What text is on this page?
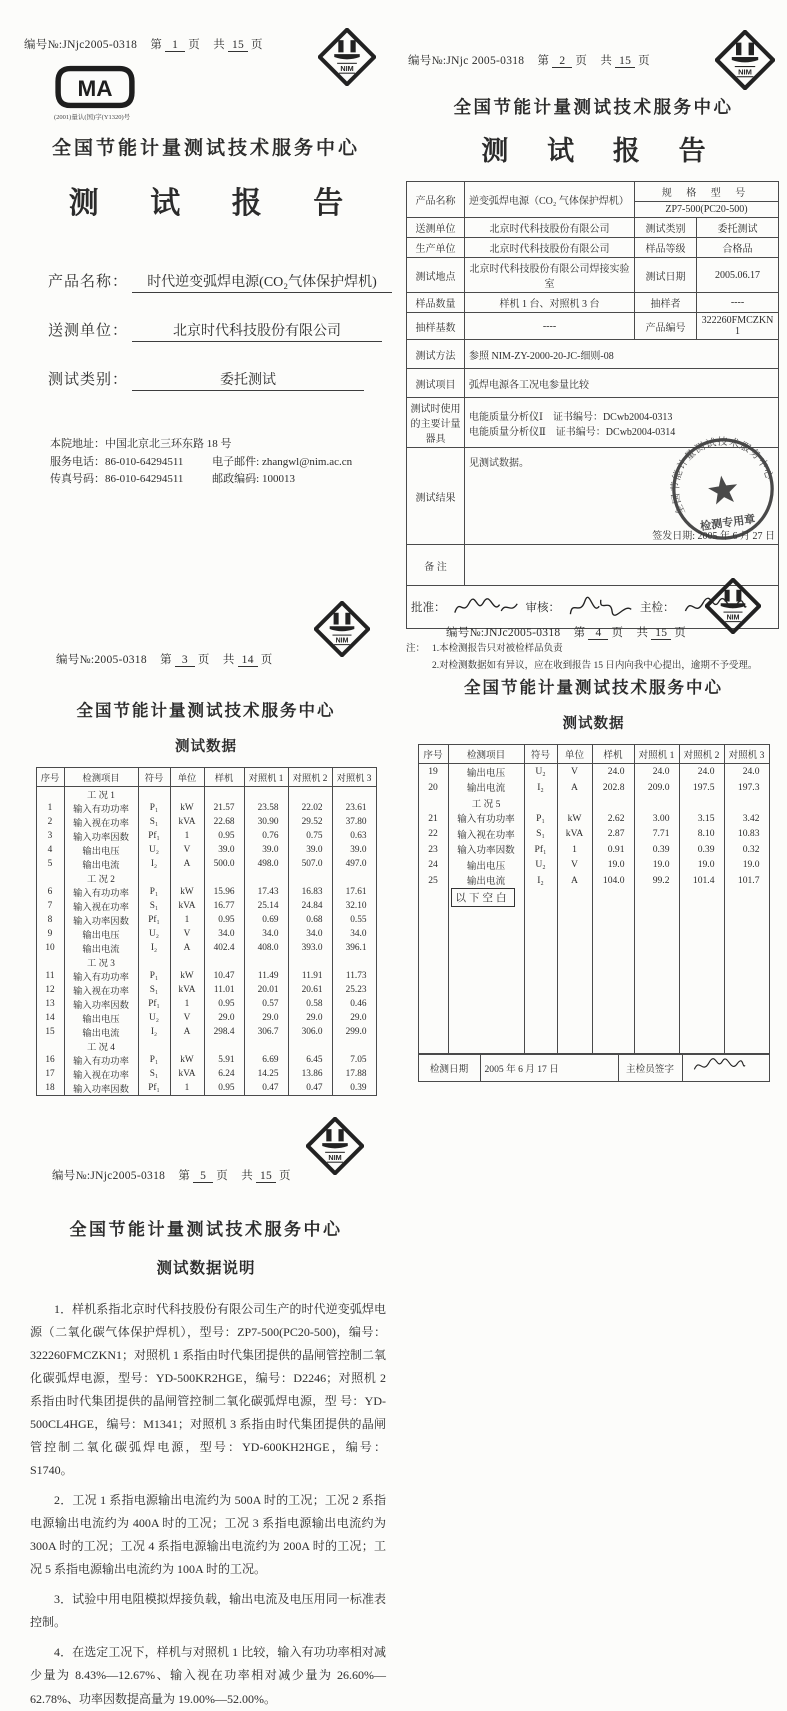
编号№:JNjc2005-0318 第 1 页 共 15 页
MA
(2001)量认(国)字(Y1320)号
全国节能计量测试技术服务中心
测 试 报 告
产品名称： 时代逆变弧焊电源(CO₂气体保护焊机)
送测单位：	北京时代科技股份有限公司
测试类别：	委托测试
本院地址：中国北京北三环东路 18 号
服务电话：86-010-64294511	电子邮件: zhangwl@nim.ac.cn
传真号码：86-010-64294511	邮政编码: 100013
编号№:JNjc 2005-0318 第 2 页 共 15 页
全国节能计量测试技术服务中心
测 试 报 告
产品名称	逆变弧焊电源（CO₂ 气体保护焊机）	规 格 型 号
ZP7-500(PC20-500)	

送测单位	北京时代科技股份有限公司	测试类别	委托测试
生产单位	北京时代科技股份有限公司	样品等级	合格品
测试地点	北京时代科技股份有限公司焊接实验室	测试日期	2005.06.17
样品数量	样机 1 台、对照机 3 台	抽样者	----
抽样基数	----	产品编号	322260FMCZKN1
测试方法	参照 NIM-ZY-2000-20-JC-细则-08		
测试项目	弧焊电源各工况电参量比较		
测试时使用的主要计量器具	电能质量分析仪Ⅰ　证书编号：DCwb2004-0313
电能质量分析仪Ⅱ　证书编号：DCwb2004-0314		

测试结果	见测试数据。
签发日期: 2005 年 6 月 27 日
全国节能计量测试技术服务中心
检测专用章		

备 注			

批准： 审核： 主检：			
注： 1.本检测报告只对被检样品负责
2.对检测数据如有异议，应在收到报告 15 日内向我中心提出，逾期不予受理。
编号№:2005-0318 第 3 页 共 14 页
全国节能计量测试技术服务中心
测试数据
序号	检测项目	符号	单位	样机	对照机 1	对照机 2	对照机 3
	工 况 1						
1	输入有功功率	P₁	kW	21.57	23.58	22.02	23.61
2	输入视在功率	S₁	kVA	22.68	30.90	29.52	37.80
3	输入功率因数	Pf₁	1	0.95	0.76	0.75	0.63
4	输出电压	U₂	V	39.0	39.0	39.0	39.0
5	输出电流	I₂	A	500.0	498.0	507.0	497.0
	工 况 2						
6	输入有功功率	P₁	kW	15.96	17.43	16.83	17.61
7	输入视在功率	S₁	kVA	16.77	25.14	24.84	32.10
8	输入功率因数	Pf₁	1	0.95	0.69	0.68	0.55
9	输出电压	U₂	V	34.0	34.0	34.0	34.0
10	输出电流	I₂	A	402.4	408.0	393.0	396.1
	工 况 3						
11	输入有功功率	P₁	kW	10.47	11.49	11.91	11.73
12	输入视在功率	S₁	kVA	11.01	20.01	20.61	25.23
13	输入功率因数	Pf₁	1	0.95	0.57	0.58	0.46
14	输出电压	U₂	V	29.0	29.0	29.0	29.0
15	输出电流	I₂	A	298.4	306.7	306.0	299.0
	工 况 4						
16	输入有功功率	P₁	kW	5.91	6.69	6.45	7.05
17	输入视在功率	S₁	kVA	6.24	14.25	13.86	17.88
18	输入功率因数	Pf₁	1	0.95	0.47	0.47	0.39
编号№:JNJc2005-0318 第 4 页 共 15 页
全国节能计量测试技术服务中心
测试数据
序号	检测项目	符号	单位	样机	对照机 1	对照机 2	对照机 3
19	输出电压	U₂	V	24.0	24.0	24.0	24.0
20	输出电流	I₂	A	202.8	209.0	197.5	197.3
	工 况 5						
21	输入有功功率	P₁	kW	2.62	3.00	3.15	3.42
22	输入视在功率	S₁	kVA	2.87	7.71	8.10	10.83
23	输入功率因数	Pf₁	1	0.91	0.39	0.39	0.32
24	输出电压	U₂	V	19.0	19.0	19.0	19.0
25	输出电流	I₂	A	104.0	99.2	101.4	101.7
	以下空白						

检测日期	2005 年 6 月 17 日	主检员签字	
编号№:JNjc2005-0318 第 5 页 共 15 页
全国节能计量测试技术服务中心
测试数据说明

1．样机系指北京时代科技股份有限公司生产的时代逆变弧焊电源（二氧化碳气体保护焊机），型号：ZP7-500(PC20-500)，编号：322260FMCZKN1；对照机 1 系指由时代集团提供的晶闸管控制二氧化碳弧焊电源，型号：YD-500KR2HGE，编号：D2246；对照机 2 系指由时代集团提供的晶闸管控制二氧化碳弧焊电源，型 号：YD-500CL4HGE，编号：M1341；对照机 3 系指由时代集团提供的晶闸管控制二氧化碳弧焊电源，型号：YD-600KH2HGE，编号：S1740。

2．工况 1 系指电源输出电流约为 500A 时的工况；工况 2 系指电源输出电流约为 400A 时的工况；工况 3 系指电源输出电流约为 300A 时的工况；工况 4 系指电源输出电流约为 200A 时的工况；工况 5 系指电源输出电流约为 100A 时的工况。

3．试验中用电阻模拟焊接负载，输出电流及电压用同一标准表控制。

4．在选定工况下，样机与对照机 1 比较，输入有功功率相对减少量为 8.43%—12.67%、输入视在功率相对减少量为 26.60%—62.78%、功率因数提高量为 19.00%—52.00%。
